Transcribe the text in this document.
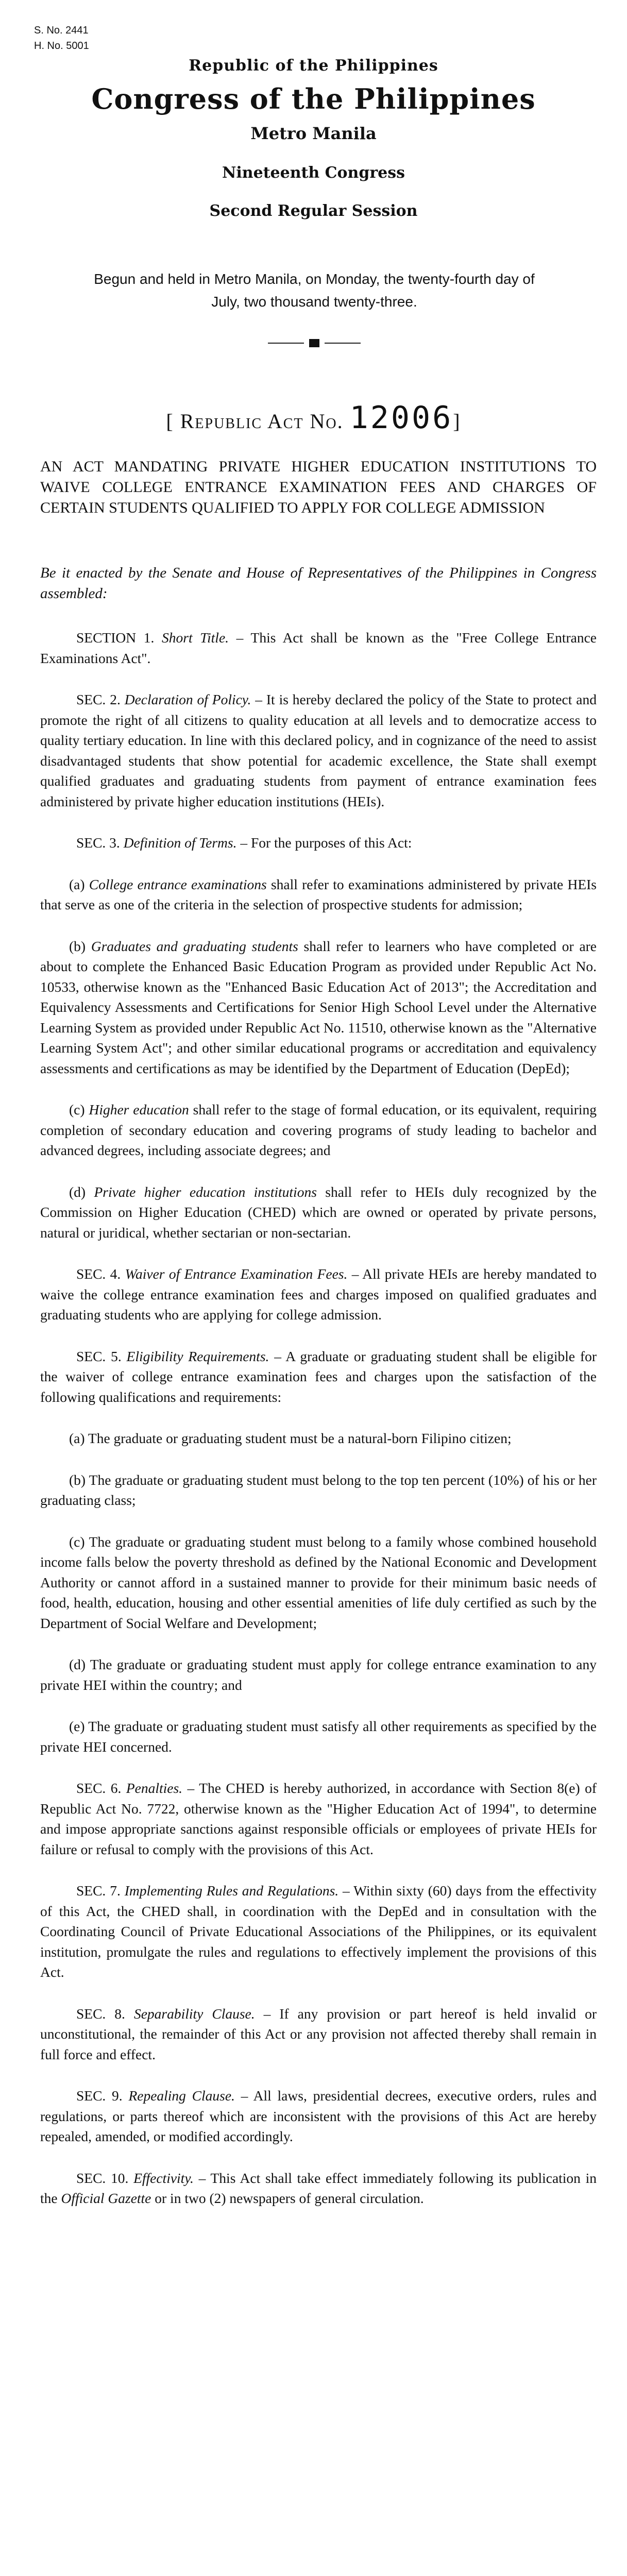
S. No. 2441
H. No. 5001
Republic of the Philippines
Congress of the Philippines
Metro Manila
Nineteenth Congress
Second Regular Session
Begun and held in Metro Manila, on Monday, the twenty-fourth day of July, two thousand twenty-three.
[ Republic Act No. 12006]
AN ACT MANDATING PRIVATE HIGHER EDUCATION INSTITUTIONS TO WAIVE COLLEGE ENTRANCE EXAMINATION FEES AND CHARGES OF CERTAIN STUDENTS QUALIFIED TO APPLY FOR COLLEGE ADMISSION
Be it enacted by the Senate and House of Representatives of the Philippines in Congress assembled:

SECTION 1. Short Title. – This Act shall be known as the "Free College Entrance Examinations Act".

SEC. 2. Declaration of Policy. – It is hereby declared the policy of the State to protect and promote the right of all citizens to quality education at all levels and to democratize access to quality tertiary education. In line with this declared policy, and in cognizance of the need to assist disadvantaged students that show potential for academic excellence, the State shall exempt qualified graduates and graduating students from payment of entrance examination fees administered by private higher education institutions (HEIs).

SEC. 3. Definition of Terms. – For the purposes of this Act:

(a) College entrance examinations shall refer to examinations administered by private HEIs that serve as one of the criteria in the selection of prospective students for admission;

(b) Graduates and graduating students shall refer to learners who have completed or are about to complete the Enhanced Basic Education Program as provided under Republic Act No. 10533, otherwise known as the "Enhanced Basic Education Act of 2013"; the Accreditation and Equivalency Assessments and Certifications for Senior High School Level under the Alternative Learning System as provided under Republic Act No. 11510, otherwise known as the "Alternative Learning System Act"; and other similar educational programs or accreditation and equivalency assessments and certifications as may be identified by the Department of Education (DepEd);

(c) Higher education shall refer to the stage of formal education, or its equivalent, requiring completion of secondary education and covering programs of study leading to bachelor and advanced degrees, including associate degrees; and

(d) Private higher education institutions shall refer to HEIs duly recognized by the Commission on Higher Education (CHED) which are owned or operated by private persons, natural or juridical, whether sectarian or non-sectarian.

SEC. 4. Waiver of Entrance Examination Fees. – All private HEIs are hereby mandated to waive the college entrance examination fees and charges imposed on qualified graduates and graduating students who are applying for college admission.

SEC. 5. Eligibility Requirements. – A graduate or graduating student shall be eligible for the waiver of college entrance examination fees and charges upon the satisfaction of the following qualifications and requirements:

(a) The graduate or graduating student must be a natural-born Filipino citizen;

(b) The graduate or graduating student must belong to the top ten percent (10%) of his or her graduating class;

(c) The graduate or graduating student must belong to a family whose combined household income falls below the poverty threshold as defined by the National Economic and Development Authority or cannot afford in a sustained manner to provide for their minimum basic needs of food, health, education, housing and other essential amenities of life duly certified as such by the Department of Social Welfare and Development;

(d) The graduate or graduating student must apply for college entrance examination to any private HEI within the country; and

(e) The graduate or graduating student must satisfy all other requirements as specified by the private HEI concerned.

SEC. 6. Penalties. – The CHED is hereby authorized, in accordance with Section 8(e) of Republic Act No. 7722, otherwise known as the "Higher Education Act of 1994", to determine and impose appropriate sanctions against responsible officials or employees of private HEIs for failure or refusal to comply with the provisions of this Act.

SEC. 7. Implementing Rules and Regulations. – Within sixty (60) days from the effectivity of this Act, the CHED shall, in coordination with the DepEd and in consultation with the Coordinating Council of Private Educational Associations of the Philippines, or its equivalent institution, promulgate the rules and regulations to effectively implement the provisions of this Act.

SEC. 8. Separability Clause. – If any provision or part hereof is held invalid or unconstitutional, the remainder of this Act or any provision not affected thereby shall remain in full force and effect.

SEC. 9. Repealing Clause. – All laws, presidential decrees, executive orders, rules and regulations, or parts thereof which are inconsistent with the provisions of this Act are hereby repealed, amended, or modified accordingly.

SEC. 10. Effectivity. – This Act shall take effect immediately following its publication in the Official Gazette or in two (2) newspapers of general circulation.
